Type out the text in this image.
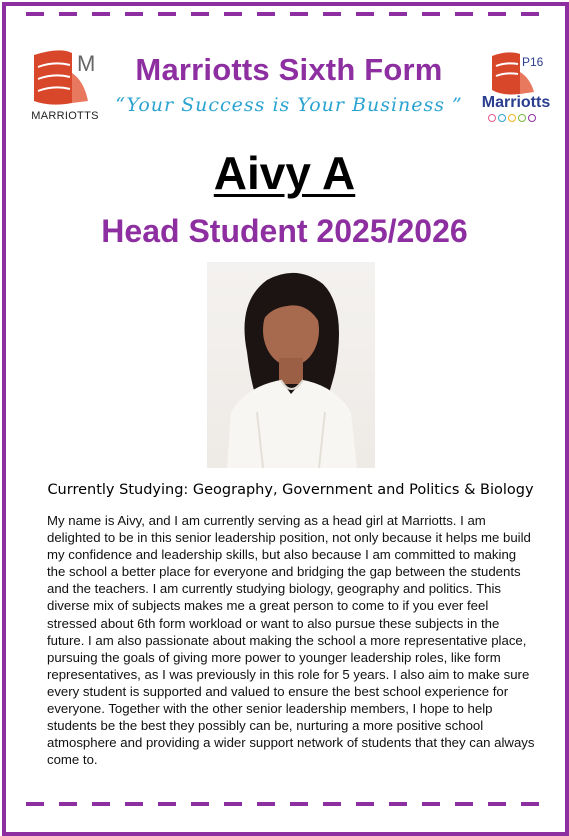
M
MARRIOTTS
P16
Marriotts
Marriotts Sixth Form
“Your Success is Your Business ”
Aivy A
Head Student 2025/2026
Currently Studying: Geography, Government and Politics & Biology
My name is Aivy, and I am currently serving as a head girl at Marriotts. I am delighted to be in this senior leadership position, not only because it helps me build my confidence and leadership skills, but also because I am committed to making the school a better place for everyone and bridging the gap between the students and the teachers. I am currently studying biology, geography and politics. This diverse mix of subjects makes me a great person to come to if you ever feel stressed about 6th form workload or want to also pursue these subjects in the future. I am also passionate about making the school a more representative place, pursuing the goals of giving more power to younger leadership roles, like form representatives, as I was previously in this role for 5 years. I also aim to make sure every student is supported and valued to ensure the best school experience for everyone. Together with the other senior leadership members, I hope to help students be the best they possibly can be, nurturing a more positive school atmosphere and providing a wider support network of students that they can always come to.
